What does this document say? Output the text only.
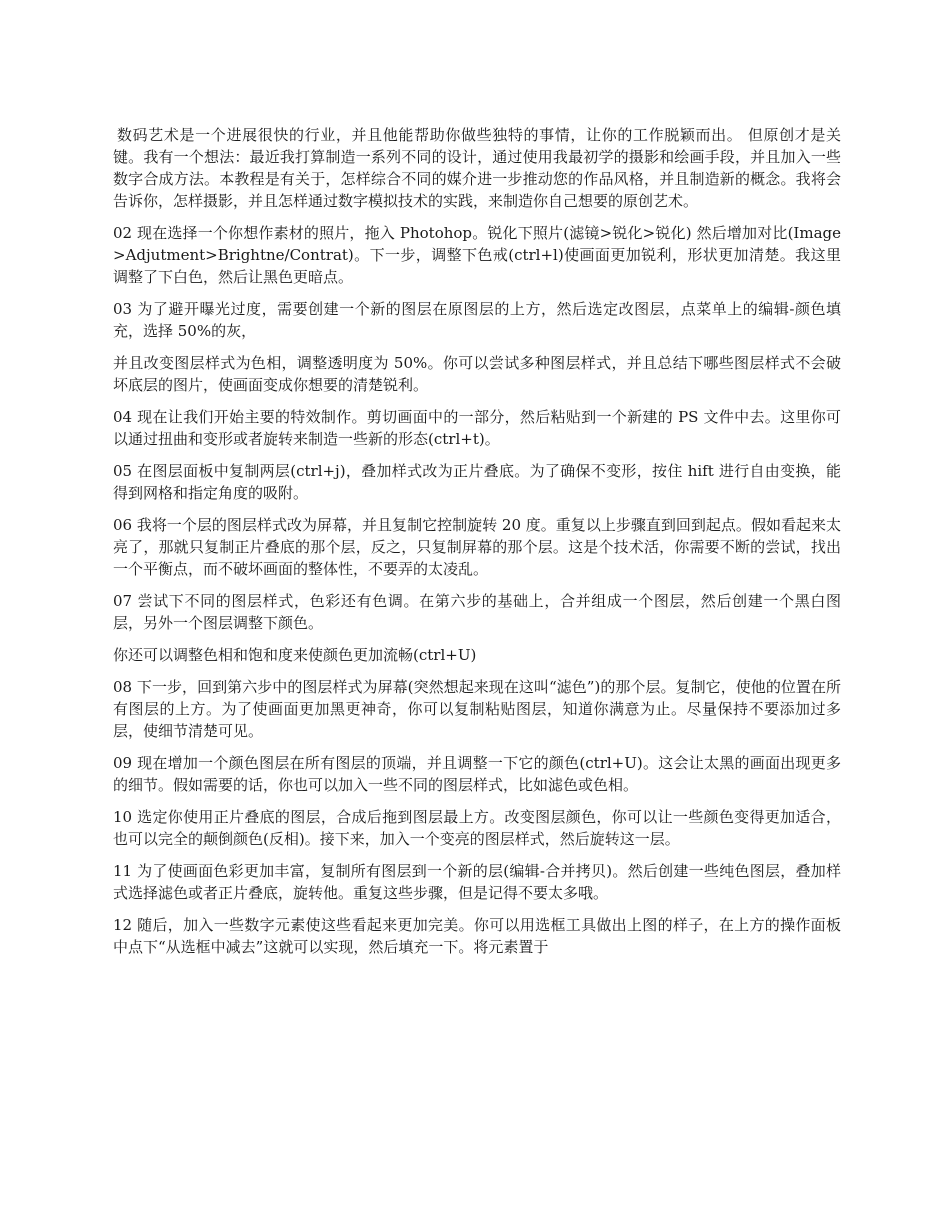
数码艺术是一个进展很快的行业，并且他能帮助你做些独特的事情，让你的工作脱颖而出。 但原创才是关键。我有一个想法：最近我打算制造一系列不同的设计，通过使用我最初学的摄影和绘画手段，并且加入一些数字合成方法。本教程是有关于，怎样综合不同的媒介进一步推动您的作品风格，并且制造新的概念。我将会告诉你，怎样摄影，并且怎样通过数字模拟技术的实践，来制造你自己想要的原创艺术。

02 现在选择一个你想作素材的照片，拖入 Photohop。锐化下照片(滤镜>锐化>锐化) 然后增加对比(Image>Adjutment>Brightne/Contrat)。下一步，调整下色戒(ctrl+l)使画面更加锐利，形状更加清楚。我这里调整了下白色，然后让黑色更暗点。

03 为了避开曝光过度，需要创建一个新的图层在原图层的上方，然后选定改图层，点菜单上的编辑-颜色填充，选择 50%的灰，

并且改变图层样式为色相，调整透明度为 50%。你可以尝试多种图层样式，并且总结下哪些图层样式不会破坏底层的图片，使画面变成你想要的清楚锐利。

04 现在让我们开始主要的特效制作。剪切画面中的一部分，然后粘贴到一个新建的 PS 文件中去。这里你可以通过扭曲和变形或者旋转来制造一些新的形态(ctrl+t)。

05 在图层面板中复制两层(ctrl+j)，叠加样式改为正片叠底。为了确保不变形，按住 hift 进行自由变换，能得到网格和指定角度的吸附。

06 我将一个层的图层样式改为屏幕，并且复制它控制旋转 20 度。重复以上步骤直到回到起点。假如看起来太亮了，那就只复制正片叠底的那个层，反之，只复制屏幕的那个层。这是个技术活，你需要不断的尝试，找出一个平衡点，而不破坏画面的整体性，不要弄的太凌乱。

07 尝试下不同的图层样式，色彩还有色调。在第六步的基础上，合并组成一个图层，然后创建一个黑白图层，另外一个图层调整下颜色。

你还可以调整色相和饱和度来使颜色更加流畅(ctrl+U)

08 下一步，回到第六步中的图层样式为屏幕(突然想起来现在这叫“滤色”)的那个层。复制它，使他的位置在所有图层的上方。为了使画面更加黑更神奇，你可以复制粘贴图层，知道你满意为止。尽量保持不要添加过多层，使细节清楚可见。

09 现在增加一个颜色图层在所有图层的顶端，并且调整一下它的颜色(ctrl+U)。这会让太黑的画面出现更多的细节。假如需要的话，你也可以加入一些不同的图层样式，比如滤色或色相。

10 选定你使用正片叠底的图层，合成后拖到图层最上方。改变图层颜色，你可以让一些颜色变得更加适合，也可以完全的颠倒颜色(反相)。接下来，加入一个变亮的图层样式，然后旋转这一层。

11 为了使画面色彩更加丰富，复制所有图层到一个新的层(编辑-合并拷贝)。然后创建一些纯色图层，叠加样式选择滤色或者正片叠底，旋转他。重复这些步骤，但是记得不要太多哦。

12 随后，加入一些数字元素使这些看起来更加完美。你可以用选框工具做出上图的样子，在上方的操作面板中点下“从选框中减去”这就可以实现，然后填充一下。将元素置于
